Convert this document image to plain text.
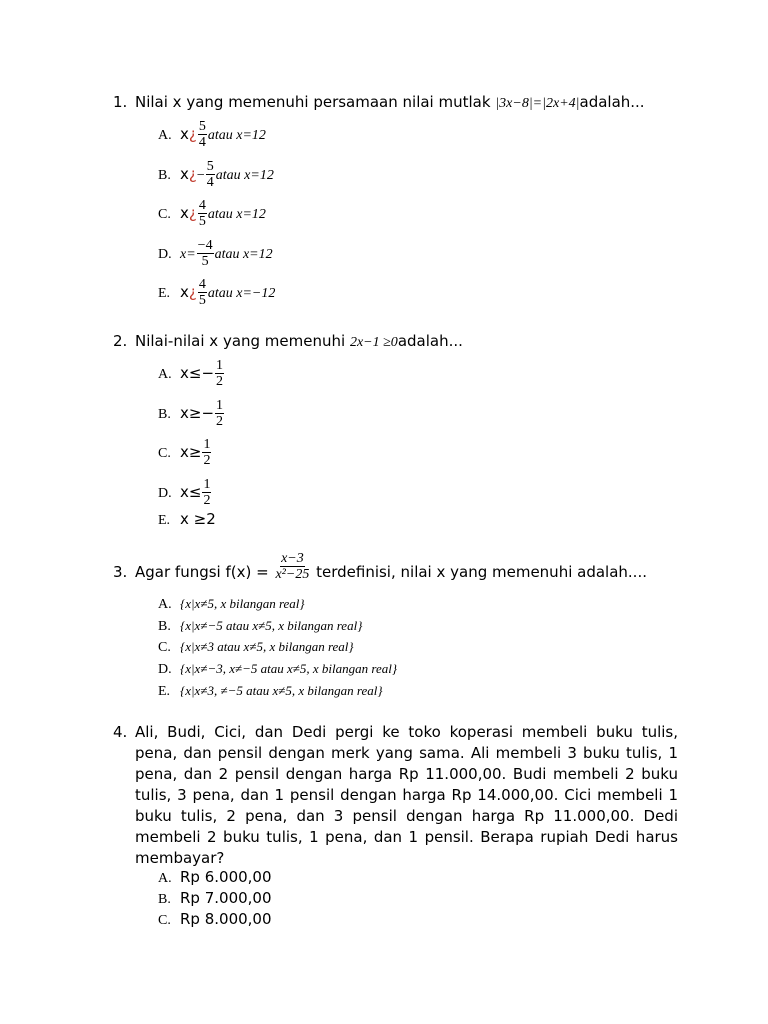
1. Nilai x yang memenuhi persamaan nilai mutlak |3x−8|=|2x+4|adalah...
A. x¿ $\frac{5}{4}$ atau x=12
B. x¿− $\frac{5}{4}$ atau x=12
C. x¿ $\frac{4}{5}$ atau x=12
D. $x= \frac{-4}{5}$ atau x=12
E. x¿ $\frac{4}{5}$ atau x=−12
2. Nilai-nilai x yang memenuhi 2x−1 ≥0adalah...
A. $x\le- \frac{1}{2}$
B. $x\ge- \frac{1}{2}$
C. $x\ge \frac{1}{2}$
D. $x\le \frac{1}{2}$
E. x ≥2
3. Agar fungsi $f(x) = \frac{x-3}{\text{x²−25}}$ terdefinisi, nilai x yang memenuhi adalah....
A. {x|x≠5, x bilangan real}
B. {x|x≠−5 atau x≠5, x bilangan real}
C. {x|x≠3 atau x≠5, x bilangan real}
D. {x|x≠−3, x≠−5 atau x≠5, x bilangan real}
E. {x|x≠3, ≠−5 atau x≠5, x bilangan real}
4. Ali, Budi, Cici, dan Dedi pergi ke toko koperasi membeli buku tulis, pena, dan pensil dengan merk yang sama. Ali membeli 3 buku tulis, 1 pena, dan 2 pensil dengan harga Rp 11.000,00. Budi membeli 2 buku tulis, 3 pena, dan 1 pensil dengan harga Rp 14.000,00. Cici membeli 1 buku tulis, 2 pena, dan 3 pensil dengan harga Rp 11.000,00. Dedi membeli 2 buku tulis, 1 pena, dan 1 pensil. Berapa rupiah Dedi harus membayar?
A. Rp 6.000,00
B. Rp 7.000,00
C. Rp 8.000,00
